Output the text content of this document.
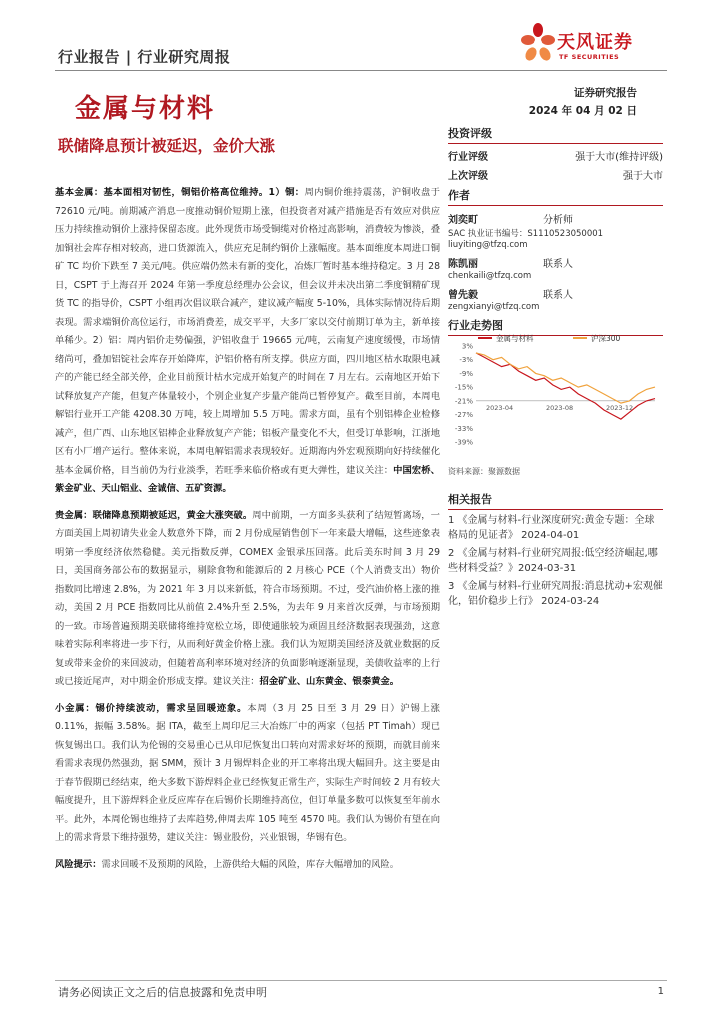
行业报告 | 行业研究周报
天风证券
TF SECURITIES
金属与材料
联储降息预计被延迟，金价大涨
证券研究报告
2024 年 04 月 02 日
投资评级
行业评级	强于大市(维持评级)
上次评级	强于大市
作者
刘奕町	分析师
SAC 执业证书编号：S1110523050001
liuyiting@tfzq.com
陈凯丽	联系人
chenkaili@tfzq.com
曾先毅	联系人
zengxianyi@tfzq.com
行业走势图
金属与材料	沪深300
3%
-3%
-9%
-15%
-21%
-27%
-33%
-39%
2023-04	2023-08	2023-12
资料来源：聚源数据
相关报告
1 《金属与材料-行业深度研究:黄金专题：全球格局的见证者》 2024-04-01
2 《金属与材料-行业研究周报:低空经济崛起,哪些材料受益？》2024-03-31
3 《金属与材料-行业研究周报:消息扰动+宏观催化，铝价稳步上行》 2024-03-24

基本金属：基本面相对韧性，铜铝价格高位维持。1）铜：周内铜价维持震荡，沪铜收盘于 72610 元/吨。前期减产消息一度推动铜价短期上涨，但投资者对减产措施是否有效应对供应压力持续推动铜价上涨持保留态度。此外现货市场受铜缆对价格过高影响，消费较为惨淡，叠加铜社会库存相对较高，进口货源流入，供应充足制约铜价上涨幅度。基本面维度本周进口铜矿 TC 均价下跌至 7 美元/吨。供应端仍然未有新的变化，冶炼厂暂时基本维持稳定。3 月 28 日，CSPT 于上海召开 2024 年第一季度总经理办公会议，但会议并未决出第二季度铜精矿现货 TC 的指导价，CSPT 小组再次倡议联合减产，建议减产幅度 5-10%，具体实际情况待后期表现。需求端铜价高位运行，市场消费差，成交平平，大多厂家以交付前期订单为主，新单接单稀少。2）铝：周内铝价走势偏强，沪铝收盘于 19665 元/吨，云南复产速度缓慢，市场情绪尚可，叠加铝锭社会库存开始降库，沪铝价格有所支撑。供应方面，四川地区枯水取限电减产的产能已经全部关停，企业目前预计枯水完成开始复产的时间在 7 月左右。云南地区开始下试释放复产产能，但复产体量较小，个别企业复产步量产能尚已暂停复产。截至目前，本周电解铝行业开工产能 4208.30 万吨，较上周增加 5.5 万吨。需求方面，虽有个别铝棒企业检修减产，但广西、山东地区铝棒企业释放复产产能；铝板产量变化不大，但受订单影响，江浙地区有小厂增产运行。整体来说，本周电解铝需求表现较好。近期海内外宏观预期向好持续催化基本金属价格，目当前仍为行业淡季，若旺季来临价格或有更大弹性，建议关注：中国宏桥、紫金矿业、天山铝业、金诚信、五矿资源。

贵金属：联储降息预期被延迟，黄金大涨突破。周中前期，一方面多头获利了结短暂离场，一方面美国上周初请失业金人数意外下降，而 2 月份成屋销售创下一年来最大增幅，这些迹象表明第一季度经济依然稳健。美元指数反弹，COMEX 金银承压回落。此后美东时间 3 月 29 日，美国商务部公布的数据显示，剔除食物和能源后的 2 月核心 PCE（个人消费支出）物价指数同比增速 2.8%，为 2021 年 3 月以来新低，符合市场预期。不过，受汽油价格上涨的推动，美国 2 月 PCE 指数同比从前值 2.4%升至 2.5%，为去年 9 月来首次反弹，与市场预期的一致。市场普遍预期美联储将维持宽松立场，即使通胀较为顽固且经济数据表现强劲，这意味着实际利率将进一步下行，从而利好黄金价格上涨。我们认为短期美国经济及就业数据的反复或带来金价的来回波动，但随着高利率环境对经济的负面影响逐渐显现，美债收益率的上行或已接近尾声，对中期金价形成支撑。建议关注：招金矿业、山东黄金、银泰黄金。

小金属：锡价持续波动，需求呈回暖迹象。本周（3 月 25 日至 3 月 29 日）沪锡上涨 0.11%，振幅 3.58%。据 ITA，截至上周印尼三大冶炼厂中的两家（包括 PT Timah）现已恢复锡出口。我们认为伦锡的交易重心已从印尼恢复出口转向对需求好坏的预期，而就目前来看需求表现仍然强劲，据 SMM，预计 3 月锡焊料企业的开工率将出现大幅回升。这主要是由于春节假期已经结束，绝大多数下游焊料企业已经恢复正常生产，实际生产时间较 2 月有较大幅度提升，且下游焊料企业反应库存在后锡价长期维持高位，但订单量多数可以恢复至年前水平。此外，本周伦锡也维持了去库趋势,伸周去库 105 吨至 4570 吨。我们认为锡价有望在向上的需求背景下维持强势，建议关注：锡业股份，兴业银锡，华锡有色。

风险提示：需求回暖不及预期的风险，上游供给大幅的风险，库存大幅增加的风险。

请务必阅读正文之后的信息披露和免责申明	1
